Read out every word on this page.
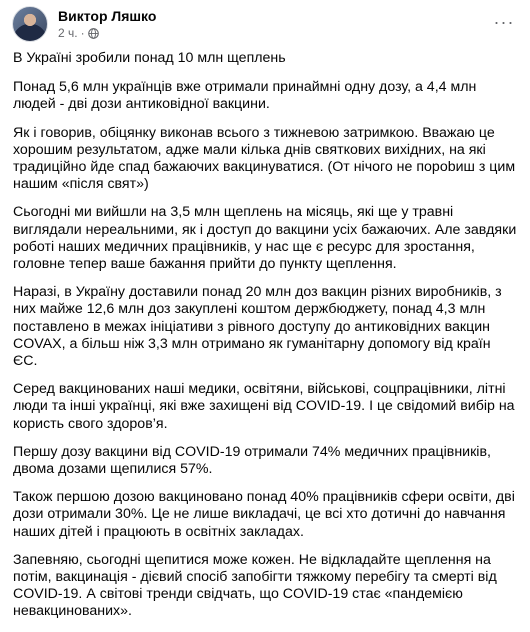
Виктор Ляшко
2 ч. ·
···

В Україні зробили понад 10 млн щеплень

Понад 5,6 млн українців вже отримали принаймні одну дозу, а 4,4 млн людей - дві дози антиковідної вакцини.

Як і говорив, обіцянку виконав всього з тижневою затримкою. Вважаю це хорошим результатом, адже мали кілька днів святкових вихідних, на які традиційно йде спад бажаючих вакцинуватися. (От нічого не порobиш з цим нашим «після свят»)

Сьогодні ми вийшли на 3,5 млн щеплень на місяць, які ще у травні виглядали нереальними, як і доступ до вакцини усіх бажаючих. Але завдяки роботі наших медичних працівників, у нас ще є ресурс для зростання, головне тепер ваше бажання прийти до пункту щеплення.

Наразі, в Україну доставили понад 20 млн доз вакцин різних виробників, з них майже 12,6 млн доз закуплені коштом держбюджету, понад 4,3 млн поставлено в межах ініціативи з рівного доступу до антиковідних вакцин COVAX, а більш ніж 3,3 млн отримано як гуманітарну допомогу від країн ЄС.

Серед вакцинованих наші медики, освітяни, військові, соцпрацівники, літні люди та інші українці, які вже захищені від COVID-19. І це свідомий вибір на користь свого здоров’я.

Першу дозу вакцини від COVID-19 отримали 74% медичних працівників, двома дозами щепилися 57%.

Також першою дозою вакциновано понад 40% працівників сфери освіти, дві дози отримали 30%. Це не лише викладачі, це всі хто дотичні до навчання наших дітей і працюють в освітніх закладах.

Запевняю, сьогодні щепитися може кожен. Не відкладайте щеплення на потім, вакцинація - дієвий спосіб запобігти тяжкому перебігу та смерті від COVID-19. А світові тренди свідчать, що COVID-19 стає «пандемією невакцинованих».
